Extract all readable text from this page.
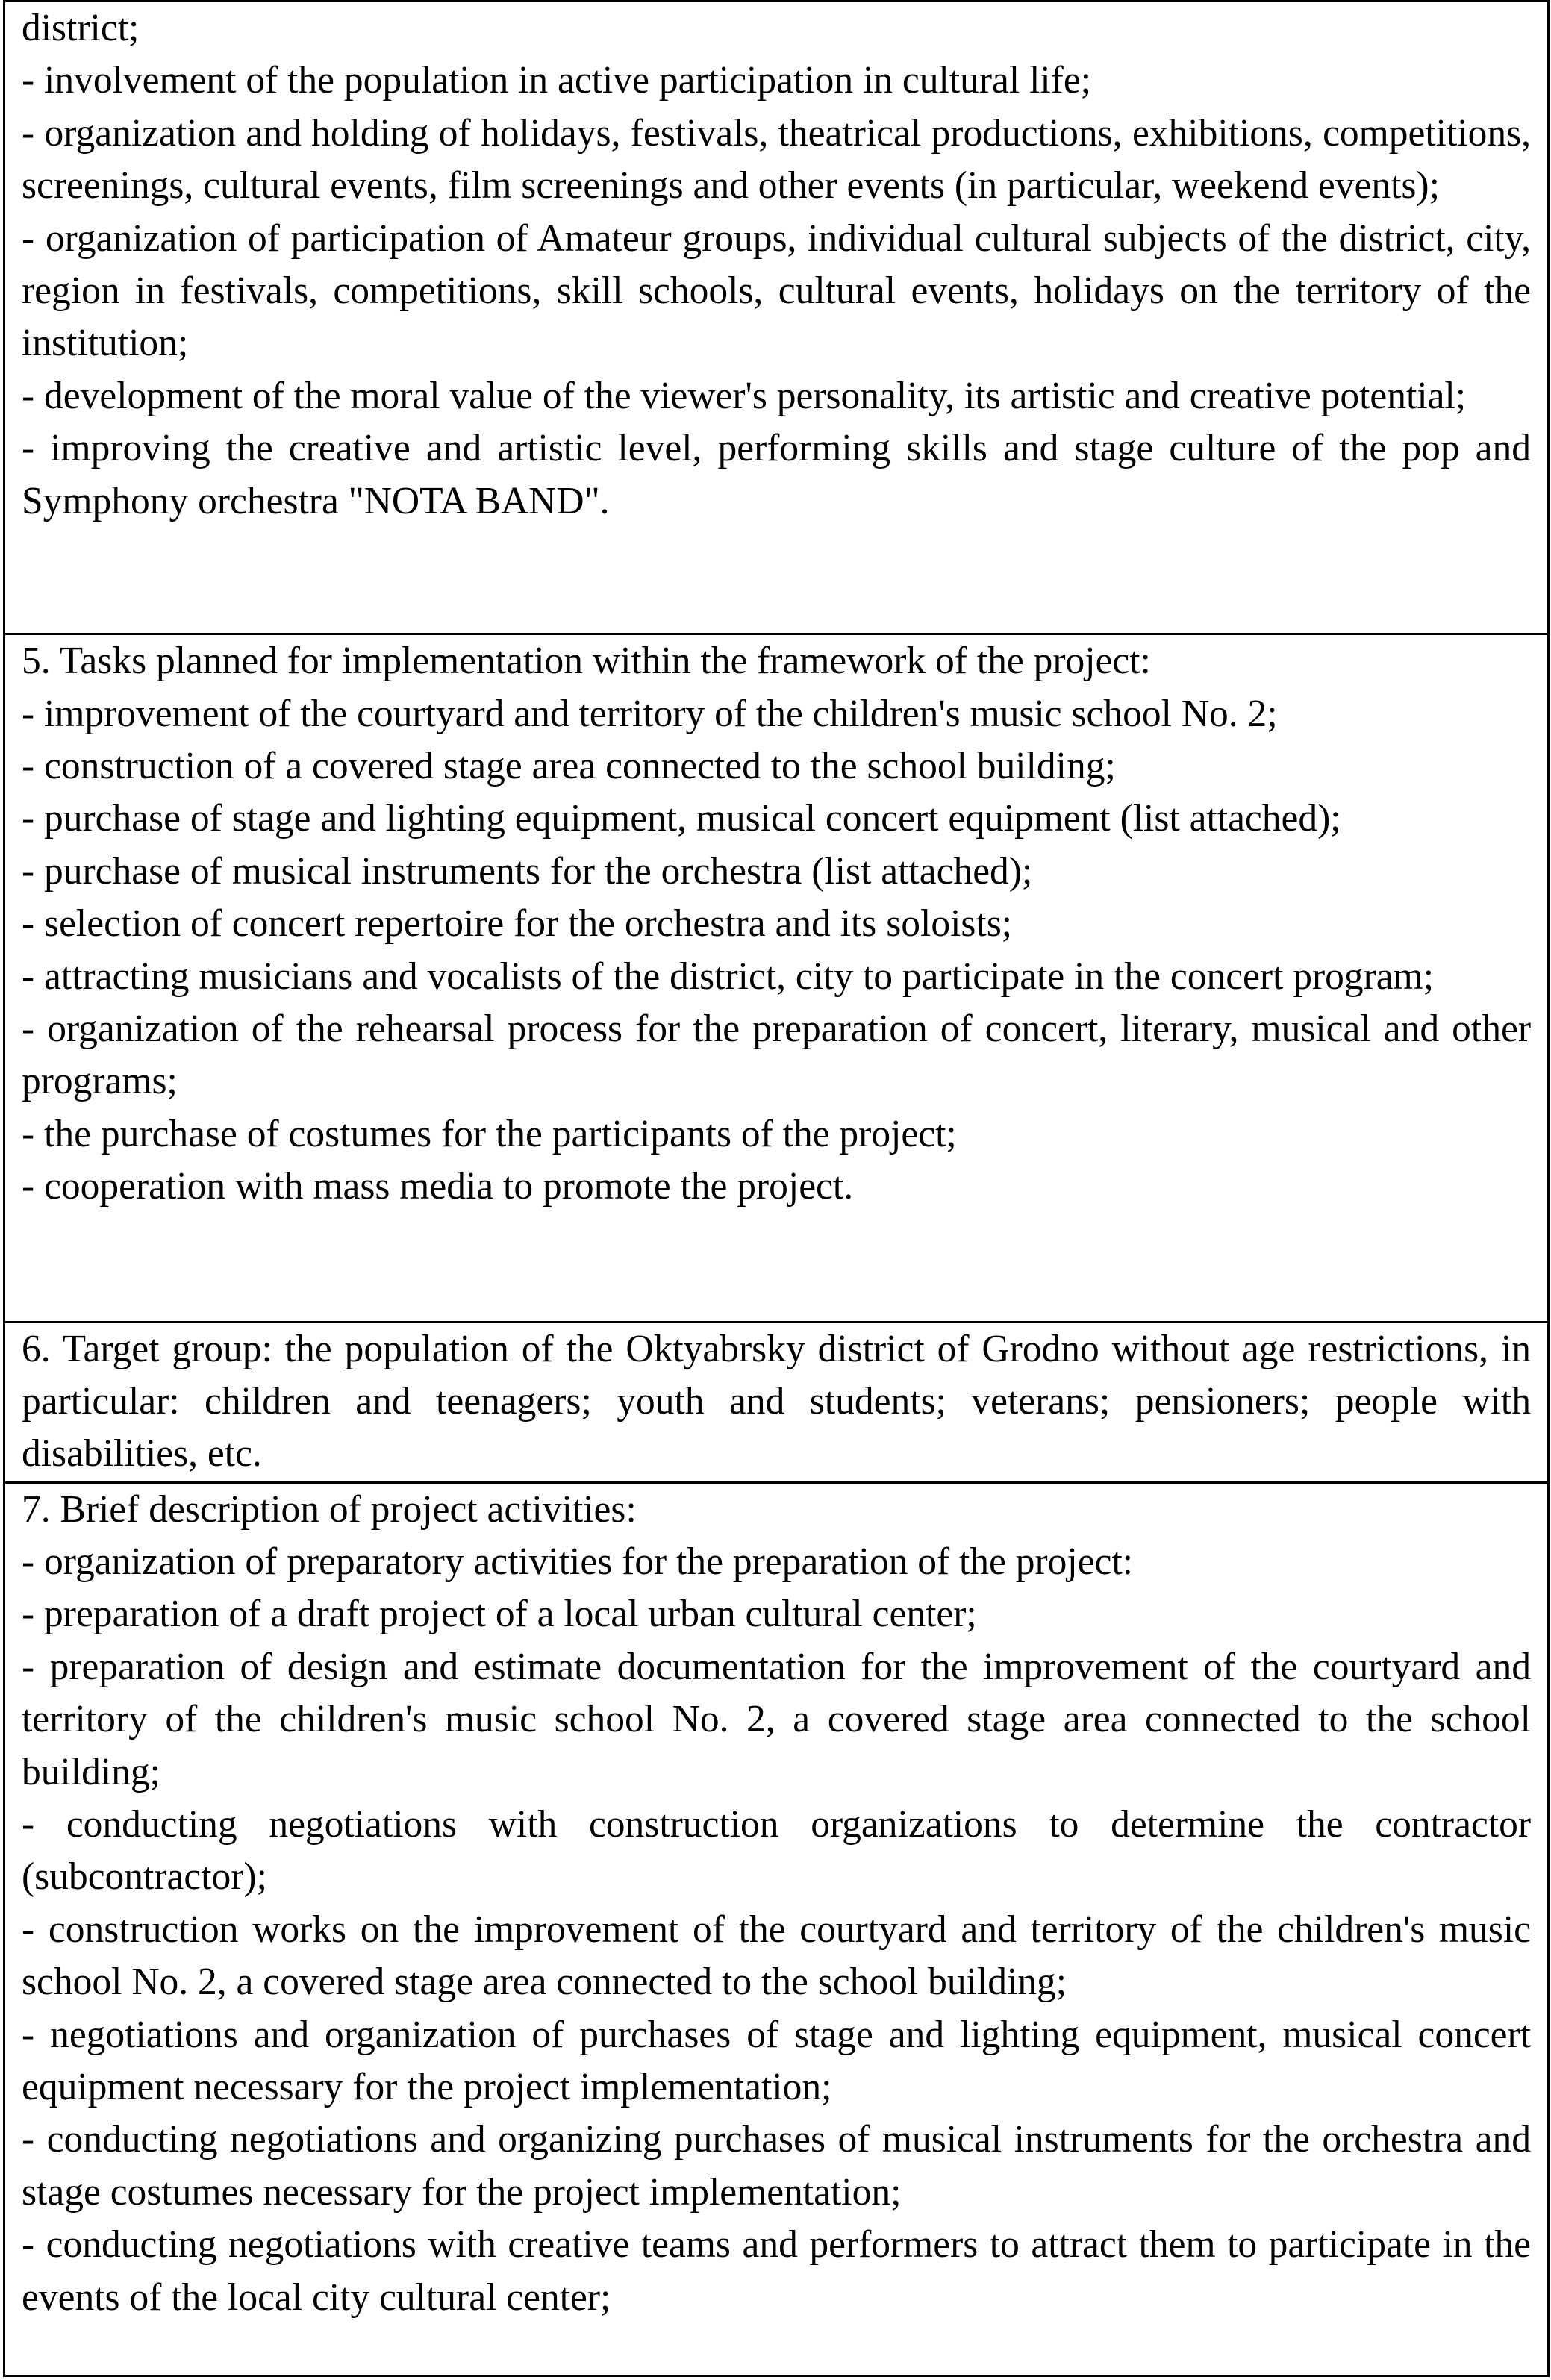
district;
- involvement of the population in active participation in cultural life;
- organization and holding of holidays, festivals, theatrical productions, exhibitions, competitions, screenings, cultural events, film screenings and other events (in particular, weekend events);
- organization of participation of Amateur groups, individual cultural subjects of the district, city, region in festivals, competitions, skill schools, cultural events, holidays on the territory of the institution;
- development of the moral value of the viewer's personality, its artistic and creative potential;
- improving the creative and artistic level, performing skills and stage culture of the pop and Symphony orchestra "NOTA BAND".

5. Tasks planned for implementation within the framework of the project:
- improvement of the courtyard and territory of the children's music school No. 2;
- construction of a covered stage area connected to the school building;
- purchase of stage and lighting equipment, musical concert equipment (list attached);
- purchase of musical instruments for the orchestra (list attached);
- selection of concert repertoire for the orchestra and its soloists;
- attracting musicians and vocalists of the district, city to participate in the concert program;
- organization of the rehearsal process for the preparation of concert, literary, musical and other programs;
- the purchase of costumes for the participants of the project;
- cooperation with mass media to promote the project.

6. Target group: the population of the Oktyabrsky district of Grodno without age restrictions, in particular: children and teenagers; youth and students; veterans; pensioners; people with disabilities, etc.

7. Brief description of project activities:
- organization of preparatory activities for the preparation of the project:
- preparation of a draft project of a local urban cultural center;
- preparation of design and estimate documentation for the improvement of the courtyard and territory of the children's music school No. 2, a covered stage area connected to the school building;
- conducting negotiations with construction organizations to determine the contractor (subcontractor);
- construction works on the improvement of the courtyard and territory of the children's music school No. 2, a covered stage area connected to the school building;
- negotiations and organization of purchases of stage and lighting equipment, musical concert equipment necessary for the project implementation;
- conducting negotiations and organizing purchases of musical instruments for the orchestra and stage costumes necessary for the project implementation;
- conducting negotiations with creative teams and performers to attract them to participate in the events of the local city cultural center;
